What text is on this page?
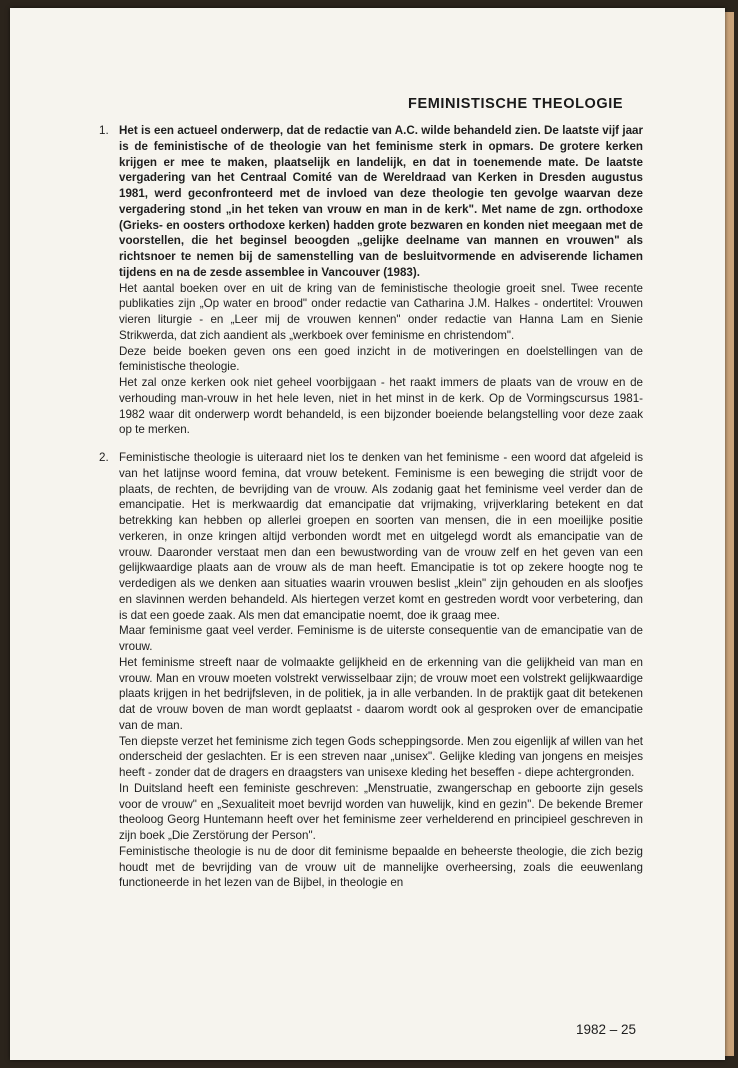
FEMINISTISCHE THEOLOGIE
1. Het is een actueel onderwerp, dat de redactie van A.C. wilde behandeld zien. De laatste vijf jaar is de feministische of de theologie van het feminisme sterk in opmars. De grotere kerken krijgen er mee te maken, plaatselijk en landelijk, en dat in toenemende mate. De laatste vergadering van het Centraal Comité van de Wereldraad van Kerken in Dresden augustus 1981, werd geconfronteerd met de invloed van deze theologie ten gevolge waarvan deze vergadering stond „in het teken van vrouw en man in de kerk". Met name de zgn. orthodoxe (Grieks- en oosters orthodoxe kerken) hadden grote bezwaren en konden niet meegaan met de voorstellen, die het beginsel beoogden „gelijke deelname van mannen en vrouwen" als richtsnoer te nemen bij de samenstelling van de besluitvormende en adviserende lichamen tijdens en na de zesde assemblee in Vancouver (1983).

Het aantal boeken over en uit de kring van de feministische theologie groeit snel. Twee recente publikaties zijn „Op water en brood" onder redactie van Catharina J.M. Halkes - ondertitel: Vrouwen vieren liturgie - en „Leer mij de vrouwen kennen" onder redactie van Hanna Lam en Sienie Strikwerda, dat zich aandient als „werkboek over feminisme en christendom".

Deze beide boeken geven ons een goed inzicht in de motiveringen en doelstellingen van de feministische theologie.

Het zal onze kerken ook niet geheel voorbijgaan - het raakt immers de plaats van de vrouw en de verhouding man-vrouw in het hele leven, niet in het minst in de kerk. Op de Vormingscursus 1981-1982 waar dit onderwerp wordt behandeld, is een bijzonder boeiende belangstelling voor deze zaak op te merken.

2. Feministische theologie is uiteraard niet los te denken van het feminisme - een woord dat afgeleid is van het latijnse woord femina, dat vrouw betekent. Feminisme is een beweging die strijdt voor de plaats, de rechten, de bevrijding van de vrouw. Als zodanig gaat het feminisme veel verder dan de emancipatie. Het is merkwaardig dat emancipatie dat vrijmaking, vrijverklaring betekent en dat betrekking kan hebben op allerlei groepen en soorten van mensen, die in een moeilijke positie verkeren, in onze kringen altijd verbonden wordt met en uitgelegd wordt als emancipatie van de vrouw. Daaronder verstaat men dan een bewustwording van de vrouw zelf en het geven van een gelijkwaardige plaats aan de vrouw als de man heeft. Emancipatie is tot op zekere hoogte nog te verdedigen als we denken aan situaties waarin vrouwen beslist „klein" zijn gehouden en als sloofjes en slavinnen werden behandeld. Als hiertegen verzet komt en gestreden wordt voor verbetering, dan is dat een goede zaak. Als men dat emancipatie noemt, doe ik graag mee.

Maar feminisme gaat veel verder. Feminisme is de uiterste consequentie van de emancipatie van de vrouw.

Het feminisme streeft naar de volmaakte gelijkheid en de erkenning van die gelijkheid van man en vrouw. Man en vrouw moeten volstrekt verwisselbaar zijn; de vrouw moet een volstrekt gelijkwaardige plaats krijgen in het bedrijfsleven, in de politiek, ja in alle verbanden. In de praktijk gaat dit betekenen dat de vrouw boven de man wordt geplaatst - daarom wordt ook al gesproken over de emancipatie van de man.

Ten diepste verzet het feminisme zich tegen Gods scheppingsorde. Men zou eigenlijk af willen van het onderscheid der geslachten. Er is een streven naar „unisex". Gelijke kleding van jongens en meisjes heeft - zonder dat de dragers en draagsters van unisexe kleding het beseffen - diepe achtergronden.

In Duitsland heeft een feministe geschreven: „Menstruatie, zwangerschap en geboorte zijn gesels voor de vrouw" en „Sexualiteit moet bevrijd worden van huwelijk, kind en gezin". De bekende Bremer theoloog Georg Huntemann heeft over het feminisme zeer verhelderend en principieel geschreven in zijn boek „Die Zerstörung der Person".

Feministische theologie is nu de door dit feminisme bepaalde en beheerste theologie, die zich bezig houdt met de bevrijding van de vrouw uit de mannelijke overheersing, zoals die eeuwenlang functioneerde in het lezen van de Bijbel, in theologie en

1982 – 25
